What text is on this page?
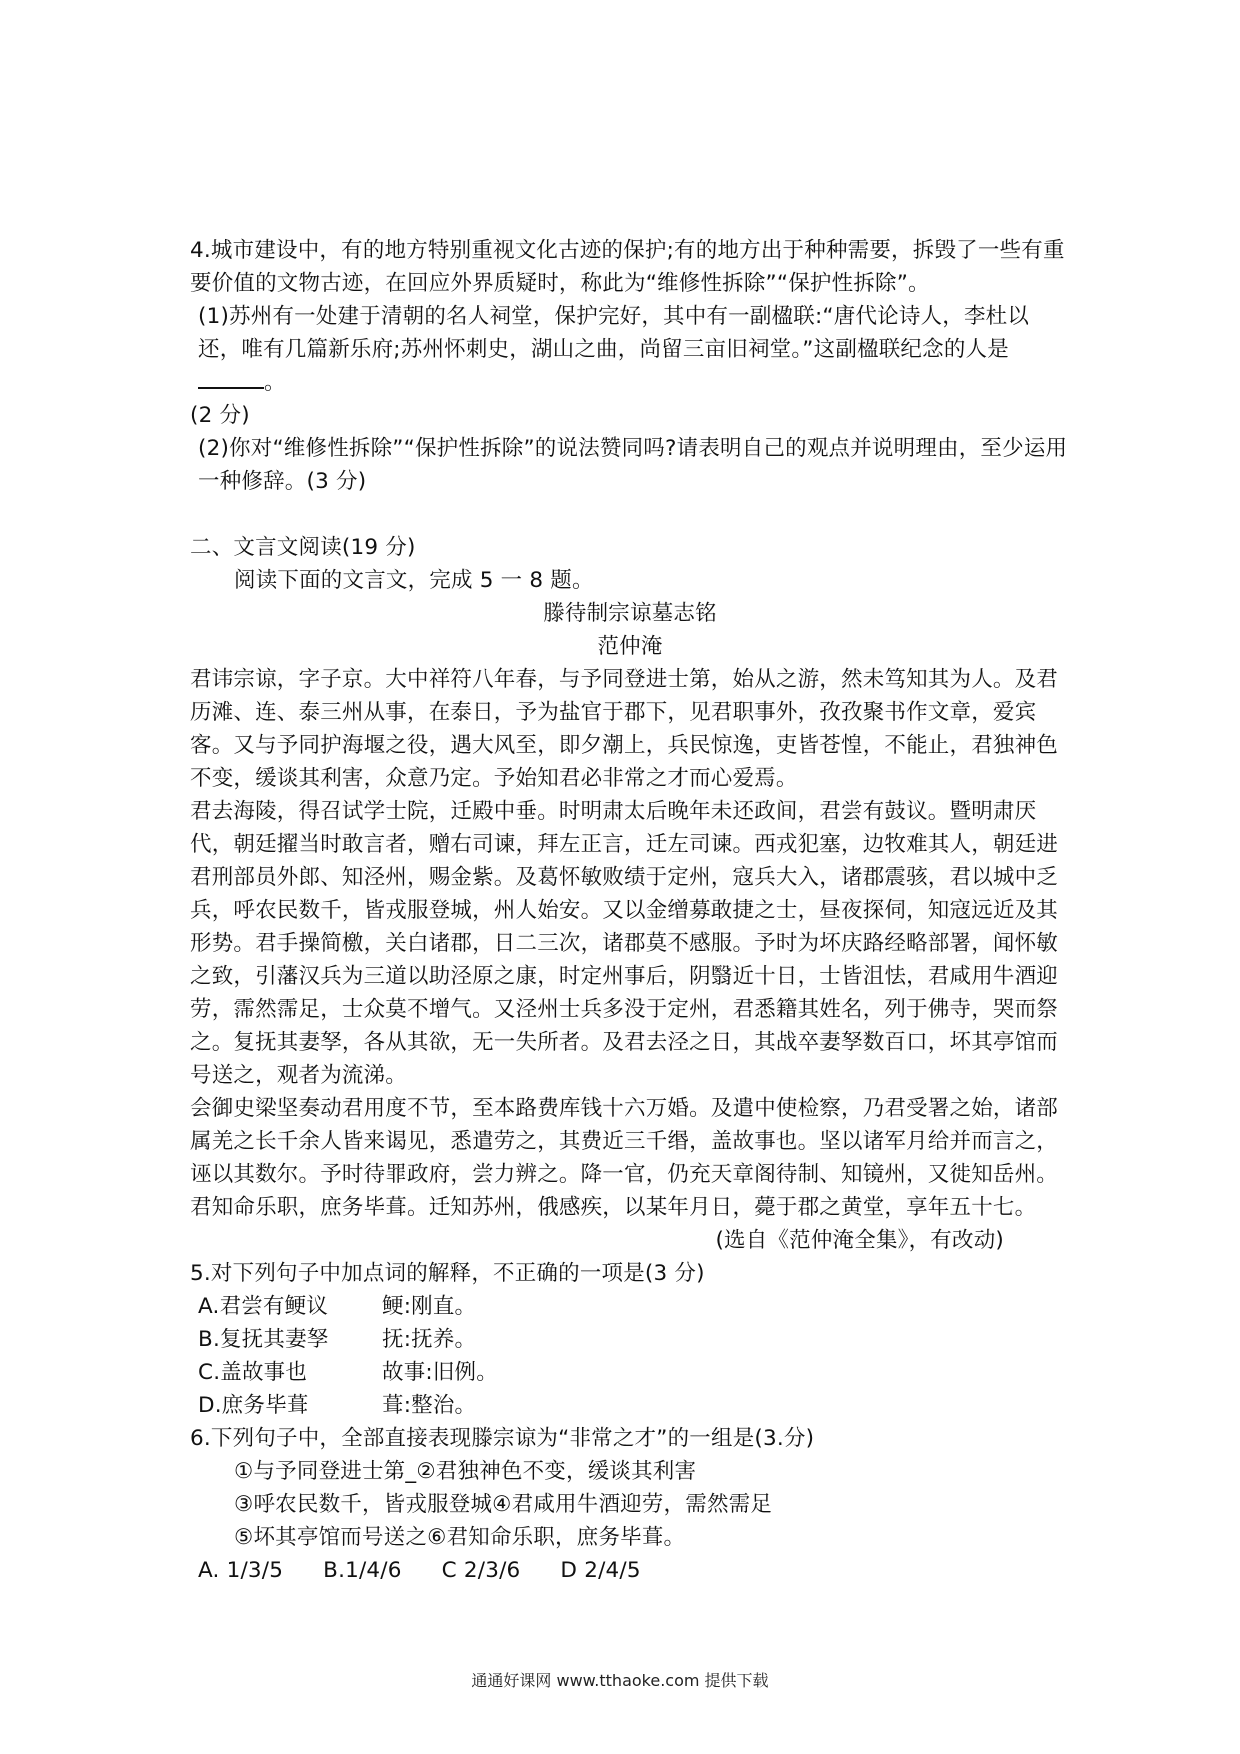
4.城市建设中，有的地方特别重视文化古迹的保护;有的地方出于种种需要，拆毁了一些有重要价值的文物古迹，在回应外界质疑时，称此为“维修性拆除”“保护性拆除”。

(1)苏州有一处建于清朝的名人祠堂，保护完好，其中有一副楹联:“唐代论诗人，李杜以还，唯有几篇新乐府;苏州怀刺史，湖山之曲，尚留三亩旧祠堂。”这副楹联纪念的人是。

(2 分)

(2)你对“维修性拆除”“保护性拆除”的说法赞同吗?请表明自己的观点并说明理由，至少运用一种修辞。(3 分)

二、文言文阅读(19 分)

阅读下面的文言文，完成 5 一 8 题。

滕待制宗谅墓志铭

范仲淹

君讳宗谅，字子京。大中祥符八年春，与予同登进士第，始从之游，然未笃知其为人。及君历滩、连、泰三州从事，在泰日，予为盐官于郡下，见君职事外，孜孜聚书作文章，爱宾客。又与予同护海堰之役，遇大风至，即夕潮上，兵民惊逸，吏皆苍惶，不能止，君独神色不变，缓谈其利害，众意乃定。予始知君必非常之才而心爱焉。

君去海陵，得召试学士院，迁殿中垂。时明肃太后晚年未还政间，君尝有鼓议。暨明肃厌代，朝廷擢当时敢言者，赠右司谏，拜左正言，迁左司谏。西戎犯塞，边牧难其人，朝廷进君刑部员外郎、知泾州，赐金紫。及葛怀敏败绩于定州，寇兵大入，诸郡震骇，君以城中乏兵，呼农民数千，皆戎服登城，州人始安。又以金缯募敢捷之士，昼夜探伺，知寇远近及其形势。君手操简檄，关白诸郡，日二三次，诸郡莫不感服。予时为坏庆路经略部署，闻怀敏之致，引藩汉兵为三道以助泾原之康，时定州事后，阴翳近十日，士皆沮怯，君咸用牛酒迎劳，霈然霈足，士众莫不增气。又泾州士兵多没于定州，君悉籍其姓名，列于佛寺，哭而祭之。复抚其妻孥，各从其欲，无一失所者。及君去泾之日，其战卒妻孥数百口，坏其亭馆而号送之，观者为流涕。

会御史梁坚奏动君用度不节，至本路费库钱十六万婚。及遣中使检察，乃君受署之始，诸部属羌之长千余人皆来谒见，悉遣劳之，其费近三千缗，盖故事也。坚以诸军月给并而言之，诬以其数尔。予时待罪政府，尝力辨之。降一官，仍充天章阁待制、知镜州，又徙知岳州。君知命乐职，庶务毕葺。迁知苏州，俄感疾，以某年月日，薨于郡之黄堂，享年五十七。

(选自《范仲淹全集》，有改动)

5.对下列句子中加点词的解释，不正确的一项是(3 分)

A.君尝有鲠议	鲠:刚直。
B.复抚其妻孥	抚:抚养。
C.盖故事也	故事:旧例。
D.庶务毕葺	葺:整治。

6.下列句子中，全部直接表现滕宗谅为“非常之才”的一组是(3.分)

①与予同登进士第_②君独神色不变，缓谈其利害

③呼农民数千，皆戎服登城④君咸用牛酒迎劳，需然需足

⑤坏其亭馆而号送之⑥君知命乐职，庶务毕葺。

A. 1/3/5 B.1/4/6 C 2/3/6 D 2/4/5
通通好课网 www.tthaoke.com 提供下载
